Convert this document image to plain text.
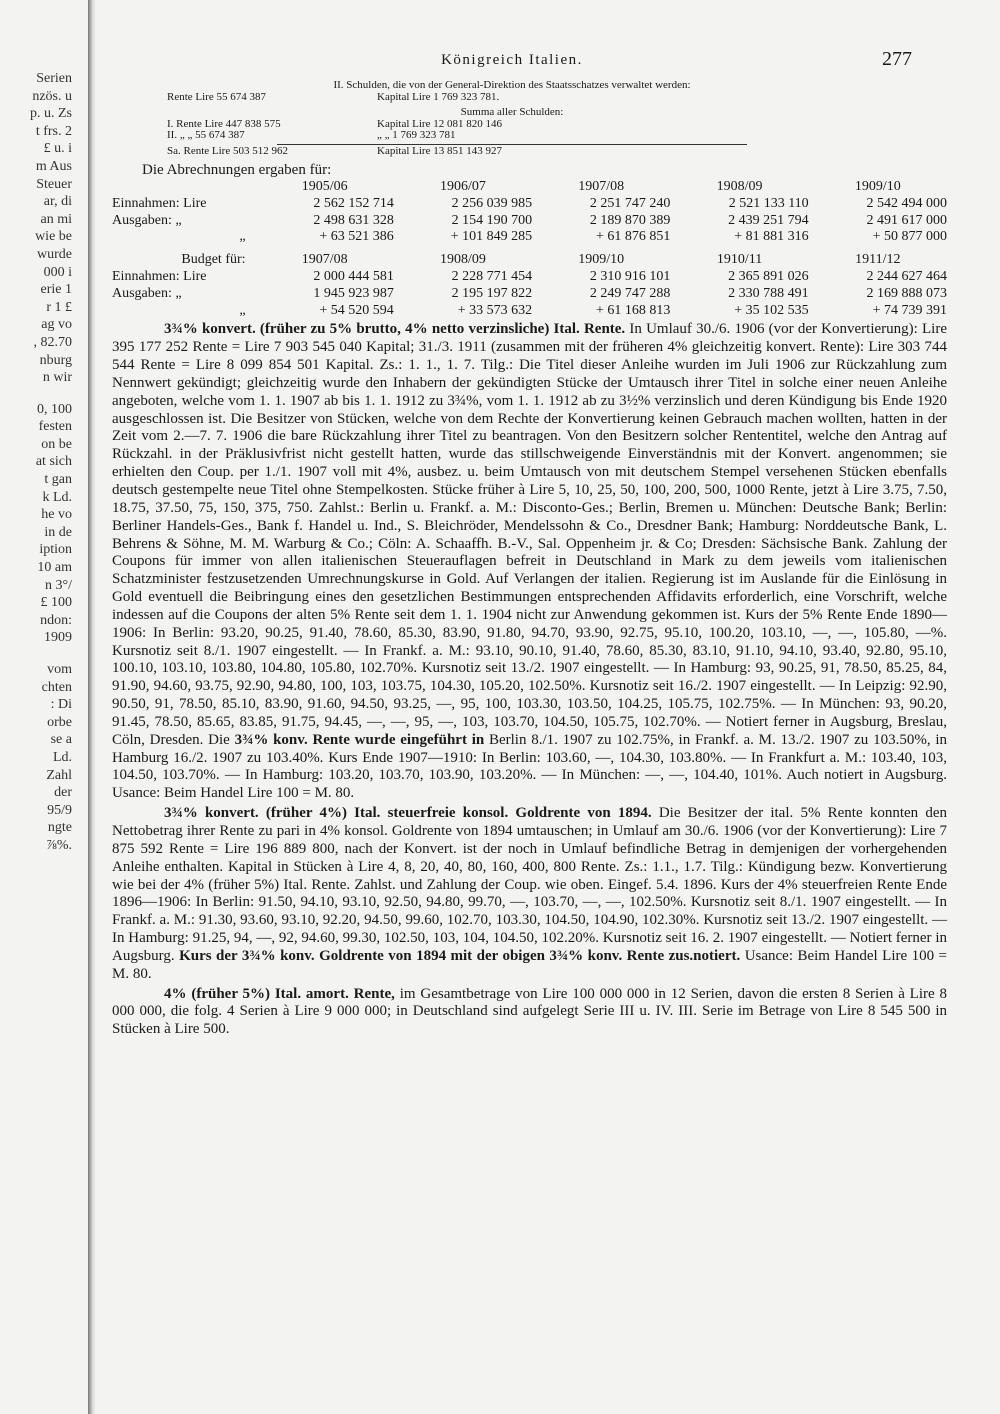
Serien
nzös. u
p. u. Zs
t frs. 2
£ u. i
m Aus
Steuer
ar, di
an mi
wie be
wurde
000 i
erie 1
r 1 £
ag vo
, 82.70
nburg
n wir
0, 100
festen
on be
at sich
t gan
k Ld.
he vo
in de
iption
10 am
n 3°/
£ 100
ndon:
1909
vom
chten
: Di
orbe
se a
Ld.
Zahl
der
95/9
ngte
⅞%.
Königreich Italien.	277
II. Schulden, die von der General-Direktion des Staatsschatzes verwaltet werden:
Rente Lire 55 674 387	Kapital Lire 1 769 323 781.
Summa aller Schulden:
I. Rente Lire 447 838 575	Kapital Lire 12 081 820 146
II. „ „ 55 674 387	„ „ 1 769 323 781
Sa. Rente Lire 503 512 962	Kapital Lire 13 851 143 927
Die Abrechnungen ergaben für:
	1905/06	1906/07	1907/08	1908/09	1909/10
Einnahmen: Lire	2 562 152 714	2 256 039 985	2 251 747 240	2 521 133 110	2 542 494 000
Ausgaben: „	2 498 631 328	2 154 190 700	2 189 870 389	2 439 251 794	2 491 617 000
„	+ 63 521 386	+ 101 849 285	+ 61 876 851	+ 81 881 316	+ 50 877 000

Budget für:	1907/08	1908/09	1909/10	1910/11	1911/12
Einnahmen: Lire	2 000 444 581	2 228 771 454	2 310 916 101	2 365 891 026	2 244 627 464
Ausgaben: „	1 945 923 987	2 195 197 822	2 249 747 288	2 330 788 491	2 169 888 073
„	+ 54 520 594	+ 33 573 632	+ 61 168 813	+ 35 102 535	+ 74 739 391
3¾% konvert. (früher zu 5% brutto, 4% netto verzinsliche) Ital. Rente. In Umlauf 30./6. 1906 (vor der Konvertierung): Lire 395 177 252 Rente = Lire 7 903 545 040 Kapital; 31./3. 1911 (zusammen mit der früheren 4% gleichzeitig konvert. Rente): Lire 303 744 544 Rente = Lire 8 099 854 501 Kapital. Zs.: 1. 1., 1. 7. Tilg.: Die Titel dieser Anleihe wurden im Juli 1906 zur Rückzahlung zum Nennwert gekündigt; gleichzeitig wurde den Inhabern der gekündigten Stücke der Umtausch ihrer Titel in solche einer neuen Anleihe angeboten, welche vom 1. 1. 1907 ab bis 1. 1. 1912 zu 3¾%, vom 1. 1. 1912 ab zu 3½% verzinslich und deren Kündigung bis Ende 1920 ausgeschlossen ist. Die Besitzer von Stücken, welche von dem Rechte der Konvertierung keinen Gebrauch machen wollten, hatten in der Zeit vom 2.—7. 7. 1906 die bare Rückzahlung ihrer Titel zu beantragen. Von den Besitzern solcher Rententitel, welche den Antrag auf Rückzahl. in der Präklusivfrist nicht gestellt hatten, wurde das stillschweigende Einverständnis mit der Konvert. angenommen; sie erhielten den Coup. per 1./1. 1907 voll mit 4%, ausbez. u. beim Umtausch von mit deutschem Stempel versehenen Stücken ebenfalls deutsch gestempelte neue Titel ohne Stempelkosten. Stücke früher à Lire 5, 10, 25, 50, 100, 200, 500, 1000 Rente, jetzt à Lire 3.75, 7.50, 18.75, 37.50, 75, 150, 375, 750. Zahlst.: Berlin u. Frankf. a. M.: Disconto-Ges.; Berlin, Bremen u. München: Deutsche Bank; Berlin: Berliner Handels-Ges., Bank f. Handel u. Ind., S. Bleichröder, Mendelssohn & Co., Dresdner Bank; Hamburg: Norddeutsche Bank, L. Behrens & Söhne, M. M. Warburg & Co.; Cöln: A. Schaaffh. B.-V., Sal. Oppenheim jr. & Co; Dresden: Sächsische Bank. Zahlung der Coupons für immer von allen italienischen Steuerauflagen befreit in Deutschland in Mark zu dem jeweils vom italienischen Schatzminister festzusetzenden Umrechnungskurse in Gold. Auf Verlangen der italien. Regierung ist im Auslande für die Einlösung in Gold eventuell die Beibringung eines den gesetzlichen Bestimmungen entsprechenden Affidavits erforderlich, eine Vorschrift, welche indessen auf die Coupons der alten 5% Rente seit dem 1. 1. 1904 nicht zur Anwendung gekommen ist. Kurs der 5% Rente Ende 1890—1906: In Berlin: 93.20, 90.25, 91.40, 78.60, 85.30, 83.90, 91.80, 94.70, 93.90, 92.75, 95.10, 100.20, 103.10, —, —, 105.80, —%. Kursnotiz seit 8./1. 1907 eingestellt. — In Frankf. a. M.: 93.10, 90.10, 91.40, 78.60, 85.30, 83.10, 91.10, 94.10, 93.40, 92.80, 95.10, 100.10, 103.10, 103.80, 104.80, 105.80, 102.70%. Kursnotiz seit 13./2. 1907 eingestellt. — In Hamburg: 93, 90.25, 91, 78.50, 85.25, 84, 91.90, 94.60, 93.75, 92.90, 94.80, 100, 103, 103.75, 104.30, 105.20, 102.50%. Kursnotiz seit 16./2. 1907 eingestellt. — In Leipzig: 92.90, 90.50, 91, 78.50, 85.10, 83.90, 91.60, 94.50, 93.25, —, 95, 100, 103.30, 103.50, 104.25, 105.75, 102.75%. — In München: 93, 90.20, 91.45, 78.50, 85.65, 83.85, 91.75, 94.45, —, —, 95, —, 103, 103.70, 104.50, 105.75, 102.70%. — Notiert ferner in Augsburg, Breslau, Cöln, Dresden. Die 3¾% konv. Rente wurde eingeführt in Berlin 8./1. 1907 zu 102.75%, in Frankf. a. M. 13./2. 1907 zu 103.50%, in Hamburg 16./2. 1907 zu 103.40%. Kurs Ende 1907—1910: In Berlin: 103.60, —, 104.30, 103.80%. — In Frankfurt a. M.: 103.40, 103, 104.50, 103.70%. — In Hamburg: 103.20, 103.70, 103.90, 103.20%. — In München: —, —, 104.40, 101%. Auch notiert in Augsburg. Usance: Beim Handel Lire 100 = M. 80.
3¾% konvert. (früher 4%) Ital. steuerfreie konsol. Goldrente von 1894. Die Besitzer der ital. 5% Rente konnten den Nettobetrag ihrer Rente zu pari in 4% konsol. Goldrente von 1894 umtauschen; in Umlauf am 30./6. 1906 (vor der Konvertierung): Lire 7 875 592 Rente = Lire 196 889 800, nach der Konvert. ist der noch in Umlauf befindliche Betrag in demjenigen der vorhergehenden Anleihe enthalten. Kapital in Stücken à Lire 4, 8, 20, 40, 80, 160, 400, 800 Rente. Zs.: 1.1., 1.7. Tilg.: Kündigung bezw. Konvertierung wie bei der 4% (früher 5%) Ital. Rente. Zahlst. und Zahlung der Coup. wie oben. Eingef. 5.4. 1896. Kurs der 4% steuerfreien Rente Ende 1896—1906: In Berlin: 91.50, 94.10, 93.10, 92.50, 94.80, 99.70, —, 103.70, —, —, 102.50%. Kursnotiz seit 8./1. 1907 eingestellt. — In Frankf. a. M.: 91.30, 93.60, 93.10, 92.20, 94.50, 99.60, 102.70, 103.30, 104.50, 104.90, 102.30%. Kursnotiz seit 13./2. 1907 eingestellt. — In Hamburg: 91.25, 94, —, 92, 94.60, 99.30, 102.50, 103, 104, 104.50, 102.20%. Kursnotiz seit 16. 2. 1907 eingestellt. — Notiert ferner in Augsburg. Kurs der 3¾% konv. Goldrente von 1894 mit der obigen 3¾% konv. Rente zus.notiert. Usance: Beim Handel Lire 100 = M. 80.
4% (früher 5%) Ital. amort. Rente, im Gesamtbetrage von Lire 100 000 000 in 12 Serien, davon die ersten 8 Serien à Lire 8 000 000, die folg. 4 Serien à Lire 9 000 000; in Deutschland sind aufgelegt Serie III u. IV. III. Serie im Betrage von Lire 8 545 500 in Stücken à Lire 500.
